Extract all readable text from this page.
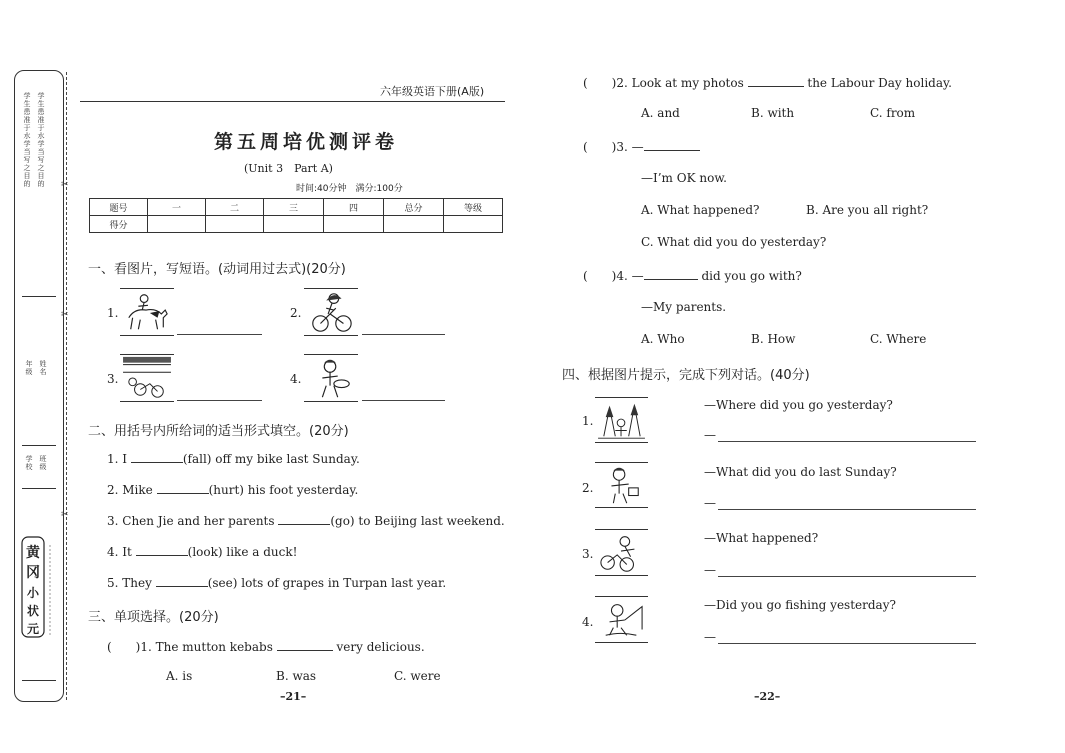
✂
✂
✂
学生患准于水学当写之目的 学生患准于水学当写之目的
年级 姓名
学校 班级
黄
冈
小
状
元
六年级英语下册(A版)
第五周培优测评卷
(Unit 3　Part A)
时间:40分钟　满分:100分
题号	一	二	三	四	总分	等级
得分						
一、看图片，写短语。(动词用过去式)(20分)
1.	2.
3.	4.
二、用括号内所给词的适当形式填空。(20分)
1. I	(fall) off my bike last Sunday.
2. Mike	(hurt) his foot yesterday.
3. Chen Jie and her parents	(go) to Beijing last weekend.
4. It	(look) like a duck!
5. They	(see) lots of grapes in Turpan last year.
三、单项选择。(20分)
(　　)1. The mutton kebabs	very delicious.
A. is	B. was	C. were
–21–
(　　)2. Look at my photos	the Labour Day holiday.
A. and	B. with	C. from
(　　)3. —
—I’m OK now.
A. What happened?	B. Are you all right?
C. What did you do yesterday?
(　　)4. —	did you go with?
—My parents.
A. Who	B. How	C. Where
四、根据图片提示，完成下列对话。(40分)
1.
—Where did you go yesterday?
—
2.
—What did you do last Sunday?
—
3.
—What happened?
—
4.
—Did you go fishing yesterday?
—
–22–
